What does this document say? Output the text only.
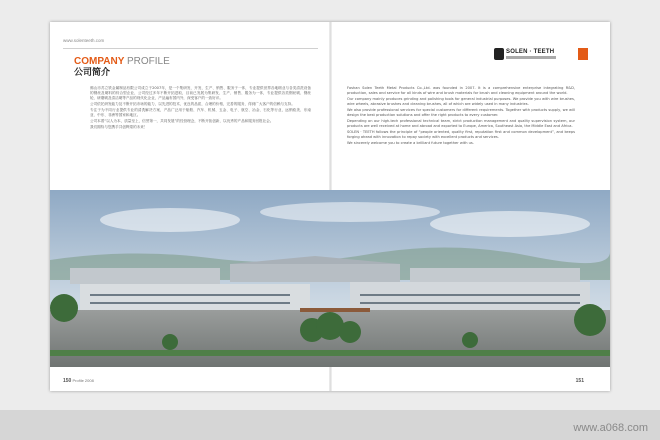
www.a068.com
www.solenteeth.com
COMPANY PROFILE
公司简介
SOLEN · TEETH

佛山市苏立铁金属制品有限公司成立于2007年，是一个集研发、开发、生产、销售、服务于一体，专业提供世界各地刷业与各类清洗设备的钢丝及刷料的综合型企业，公司经过多年不断开拓进取，目前已发展为集研发、生产、销售、服务为一体，专业提供各类钢丝刷、钢丝轮、研磨刷及清洁刷等产品的现代化企业，产品遍布国内外，深受客户的一致好评。

公司依托研发能力及不断开拓市场的能力，以先进的技术，优良的品质，合理的价格，完善的服务，得到广大客户的信赖与支持。

专注于为不同行业提供专业的清洗解决方案，产品广泛用于船舶、汽车、机械、五金、电子、航空、冶金、石化等行业，远销欧美、东南亚、中东、非洲等国家和地区。

公司本着“以人为本，质量至上，信誉第一，共同发展”的经营理念，不断开拓创新，以优秀的产品和服务回报社会。

我们期待与您携手共创辉煌的未来！

Foshan Solen Teeth Metal Products Co.,Ltd. was founded in 2007. It is a comprehensive enterprise integrating R&D, production, sales and service for all kinds of wire and brush materials for brush and cleaning equipment around the world.

Our company mainly produces grinding and polishing tools for general industrial purposes. We provide you with wire brushes, wire wheels, abrasive brushes and cleaning brushes, all of which are widely used in many industries.

We also provide professional services for special customers for different requirements. Together with products supply, we will design the best production solutions and offer the right products to every customer.

Depending on our high-tech professional technical team, strict production management and quality supervision system, our products are well received at home and abroad and exported to Europe, America, Southeast Asia, the Middle East and Africa.

SOLEN · TEETH follows the principle of “people oriented, quality first, reputation first and common development”, and keeps forging ahead with innovation to repay society with excellent products and services.

We sincerely welcome you to create a brilliant future together with us.

150 Profile 2008	151
